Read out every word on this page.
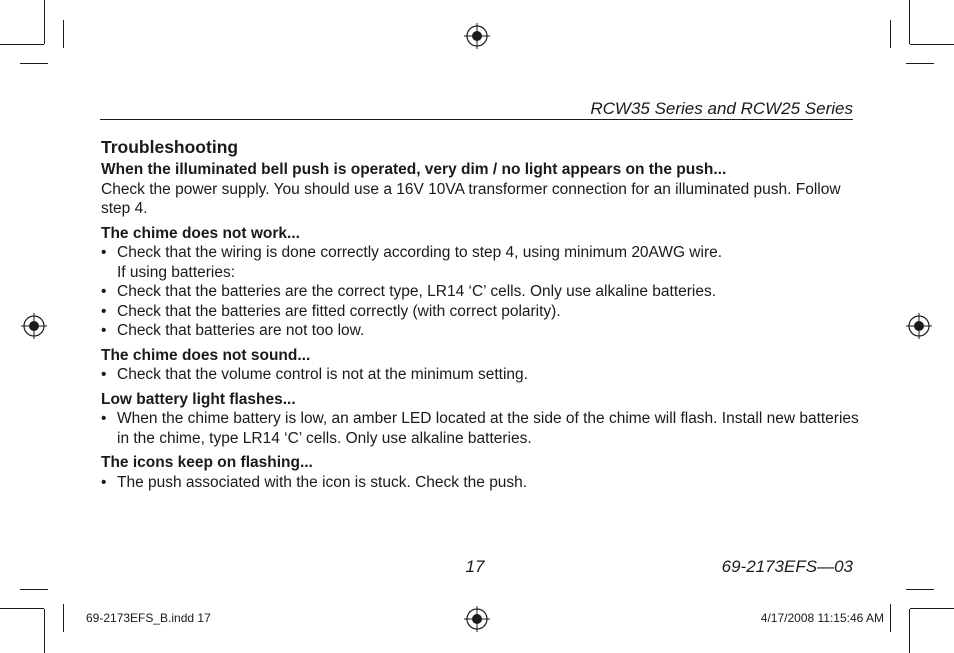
RCW35 Series and RCW25 Series
Troubleshooting
When the illuminated bell push is operated, very dim / no light appears on the push...
Check the power supply. You should use a 16V 10VA transformer connection for an illuminated push. Follow step 4.
The chime does not work...
• Check that the wiring is done correctly according to step 4, using minimum 20AWG wire.
If using batteries:
• Check that the batteries are the correct type, LR14 ‘C’ cells. Only use alkaline batteries.
• Check that the batteries are fitted correctly (with correct polarity).
• Check that batteries are not too low.
The chime does not sound...
• Check that the volume control is not at the minimum setting.
Low battery light flashes...
• When the chime battery is low, an amber LED located at the side of the chime will flash. Install new batteries in the chime, type LR14 ‘C’ cells. Only use alkaline batteries.
The icons keep on flashing...
• The push associated with the icon is stuck. Check the push.
17	69-2173EFS—03
69-2173EFS_B.indd 17	4/17/2008 11:15:46 AM
